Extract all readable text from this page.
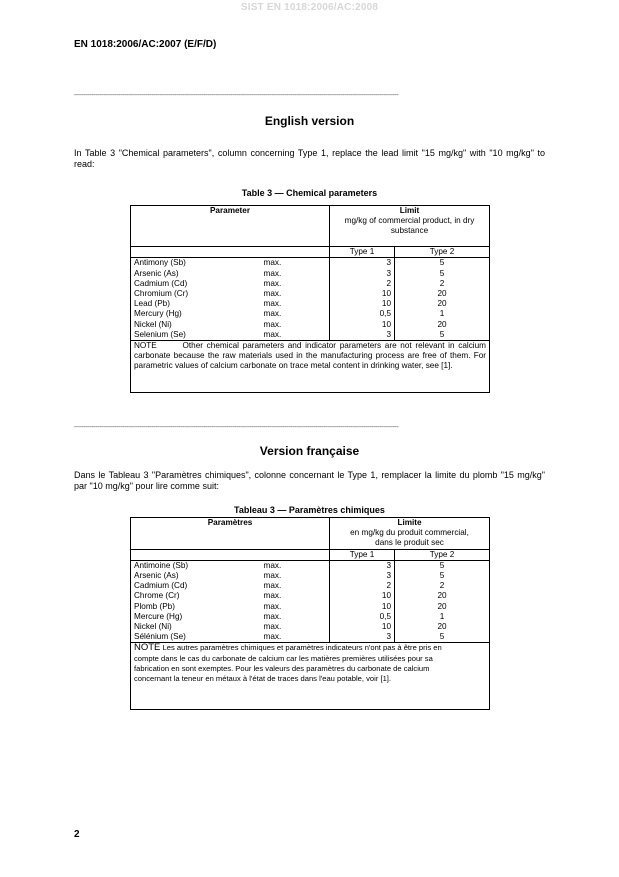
SIST EN 1018:2006/AC:2008
EN 1018:2006/AC:2007 (E/F/D)
------------------------------------------------------------------------------------------------------------------------------------------------------------------------
English version
In Table 3 "Chemical parameters", column concerning Type 1, replace the lead limit "15 mg/kg" with "10 mg/kg" to read:
Table 3 — Chemical parameters
Parameter		Limit	
		mg/kg of commercial product, in dry substance	
		Type 1	Type 2
Antimony (Sb)	max.	3	5
Arsenic (As)	max.	3	5
Cadmium (Cd)	max.	2	2
Chromium (Cr)	max.	10	20
Lead (Pb)	max.	10	20
Mercury (Hg)	max.	0,5	1
Nickel (Ni)	max.	10	20
Selenium (Se)	max.	3	5
NOTE Other chemical parameters and indicator parameters are not relevant in calcium carbonate because the raw materials used in the manufacturing process are free of them. For parametric values of calcium carbonate on trace metal content in drinking water, see [1].			
------------------------------------------------------------------------------------------------------------------------------------------------------------------------
Version française
Dans le Tableau 3 "Paramètres chimiques", colonne concernant le Type 1, remplacer la limite du plomb "15 mg/kg" par "10 mg/kg" pour lire comme suit:
Tableau 3 — Paramètres chimiques
Paramètres		Limite	
		en mg/kg du produit commercial, dans le produit sec	
		Type 1	Type 2
Antimoine (Sb)	max.	3	5
Arsenic (As)	max.	3	5
Cadmium (Cd)	max.	2	2
Chrome (Cr)	max.	10	20
Plomb (Pb)	max.	10	20
Mercure (Hg)	max.	0,5	1
Nickel (Ni)	max.	10	20
Sélénium (Se)	max.	3	5
NOTE Les autres paramètres chimiques et paramètres indicateurs n'ont pas à être pris en compte dans le cas du carbonate de calcium car les matières premières utilisées pour sa fabrication en sont exemptes. Pour les valeurs des paramètres du carbonate de calcium concernant la teneur en métaux à l'état de traces dans l'eau potable, voir [1].			
2
